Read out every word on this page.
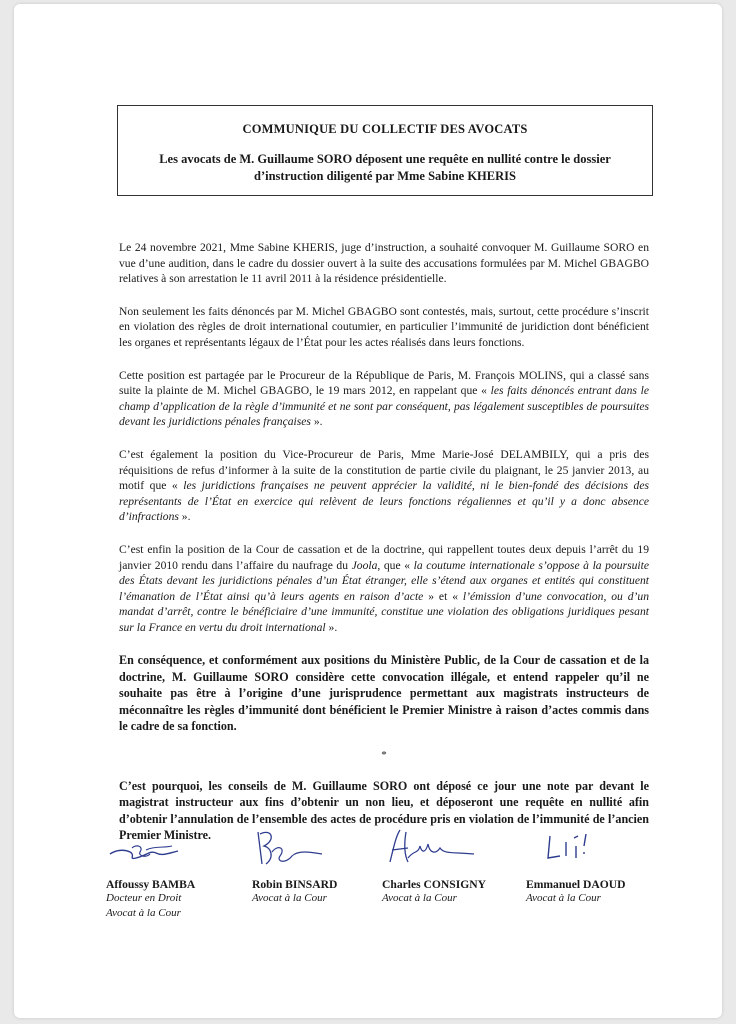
COMMUNIQUE DU COLLECTIF DES AVOCATS
Les avocats de M. Guillaume SORO déposent une requête en nullité contre le dossier d’instruction diligenté par Mme Sabine KHERIS

Le 24 novembre 2021, Mme Sabine KHERIS, juge d’instruction, a souhaité convoquer M. Guillaume SORO en vue d’une audition, dans le cadre du dossier ouvert à la suite des accusations formulées par M. Michel GBAGBO relatives à son arrestation le 11 avril 2011 à la résidence présidentielle.

Non seulement les faits dénoncés par M. Michel GBAGBO sont contestés, mais, surtout, cette procédure s’inscrit en violation des règles de droit international coutumier, en particulier l’immunité de juridiction dont bénéficient les organes et représentants légaux de l’État pour les actes réalisés dans leurs fonctions.

Cette position est partagée par le Procureur de la République de Paris, M. François MOLINS, qui a classé sans suite la plainte de M. Michel GBAGBO, le 19 mars 2012, en rappelant que « les faits dénoncés entrant dans le champ d’application de la règle d’immunité et ne sont par conséquent, pas légalement susceptibles de poursuites devant les juridictions pénales françaises ».

C’est également la position du Vice-Procureur de Paris, Mme Marie-José DELAMBILY, qui a pris des réquisitions de refus d’informer à la suite de la constitution de partie civile du plaignant, le 25 janvier 2013, au motif que « les juridictions françaises ne peuvent apprécier la validité, ni le bien-fondé des décisions des représentants de l’État en exercice qui relèvent de leurs fonctions régaliennes et qu’il y a donc absence d’infractions ».

C’est enfin la position de la Cour de cassation et de la doctrine, qui rappellent toutes deux depuis l’arrêt du 19 janvier 2010 rendu dans l’affaire du naufrage du Joola, que « la coutume internationale s’oppose à la poursuite des États devant les juridictions pénales d’un État étranger, elle s’étend aux organes et entités qui constituent l’émanation de l’État ainsi qu’à leurs agents en raison d’acte » et « l’émission d’une convocation, ou d’un mandat d’arrêt, contre le bénéficiaire d’une immunité, constitue une violation des obligations juridiques pesant sur la France en vertu du droit international ».

En conséquence, et conformément aux positions du Ministère Public, de la Cour de cassation et de la doctrine, M. Guillaume SORO considère cette convocation illégale, et entend rappeler qu’il ne souhaite pas être à l’origine d’une jurisprudence permettant aux magistrats instructeurs de méconnaître les règles d’immunité dont bénéficient le Premier Ministre à raison d’actes commis dans le cadre de sa fonction.

*

C’est pourquoi, les conseils de M. Guillaume SORO ont déposé ce jour une note par devant le magistrat instructeur aux fins d’obtenir un non lieu, et déposeront une requête en nullité afin d’obtenir l’annulation de l’ensemble des actes de procédure pris en violation de l’immunité de l’ancien Premier Ministre.

Affoussy BAMBA
Docteur en Droit
Avocat à la Cour
Robin BINSARD
Avocat à la Cour
Charles CONSIGNY
Avocat à la Cour
Emmanuel DAOUD
Avocat à la Cour
